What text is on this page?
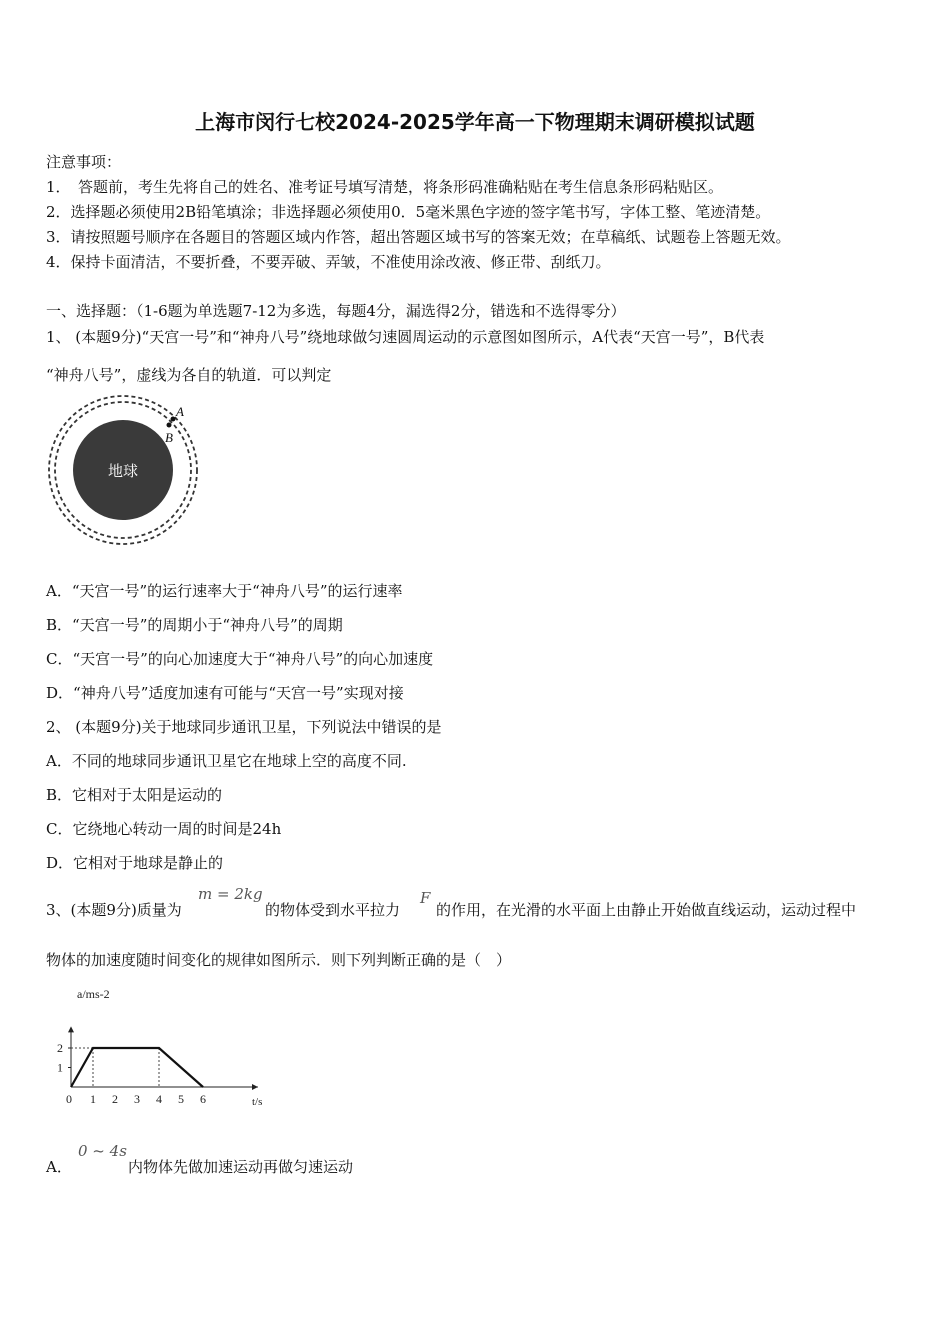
上海市闵行七校2024-2025学年高一下物理期末调研模拟试题
注意事项：
1．　答题前，考生先将自己的姓名、准考证号填写清楚，将条形码准确粘贴在考生信息条形码粘贴区。
2．选择题必须使用2B铅笔填涂；非选择题必须使用0．5毫米黑色字迹的签字笔书写，字体工整、笔迹清楚。
3．请按照题号顺序在各题目的答题区域内作答，超出答题区域书写的答案无效；在草稿纸、试题卷上答题无效。
4．保持卡面清洁，不要折叠，不要弄破、弄皱，不准使用涂改液、修正带、刮纸刀。
一、选择题：（1-6题为单选题7-12为多选，每题4分，漏选得2分，错选和不选得零分）
1、 (本题9分)“天宫一号”和“神舟八号”绕地球做匀速圆周运动的示意图如图所示，A代表“天宫一号”，B代表
“神舟八号”，虚线为各自的轨道．可以判定
地球
A
B
A．“天宫一号”的运行速率大于“神舟八号”的运行速率
B．“天宫一号”的周期小于“神舟八号”的周期
C．“天宫一号”的向心加速度大于“神舟八号”的向心加速度
D．“神舟八号”适度加速有可能与“天宫一号”实现对接
2、 (本题9分)关于地球同步通讯卫星，下列说法中错误的是
A．不同的地球同步通讯卫星它在地球上空的高度不同.
B．它相对于太阳是运动的
C．它绕地心转动一周的时间是24h
D．它相对于地球是静止的
3、(本题9分)质量为
m = 2kg
的物体受到水平拉力
F
的作用，在光滑的水平面上由静止开始做直线运动，运动过程中
物体的加速度随时间变化的规律如图所示．则下列判断正确的是（　）
0 1 2 3 4 5 6
1
2
t/s
a/ms-2
A．
0 ~ 4s
内物体先做加速运动再做匀速运动
